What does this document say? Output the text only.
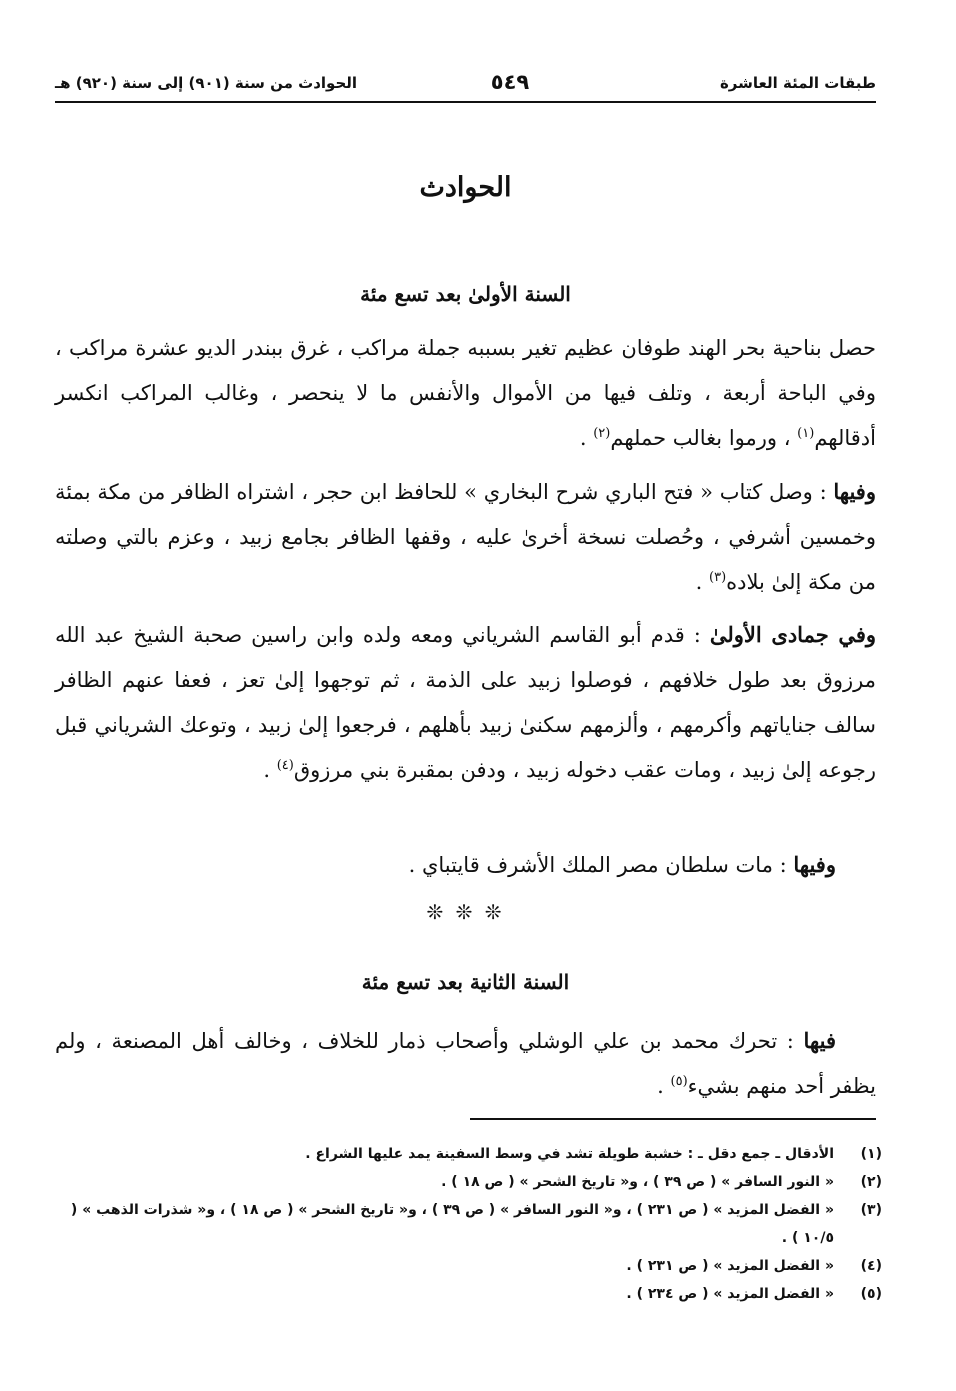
طبقات المئة العاشرة
٥٤٩
الحوادث من سنة (٩٠١) إلى سنة (٩٢٠) هـ
الحوادث
السنة الأولىٰ بعد تسع مئة

حصل بناحية بحر الهند طوفان عظيم تغير بسببه جملة مراكب ، غرق ببندر الديو عشرة مراكب ، وفي الباحة أربعة ، وتلف فيها من الأموال والأنفس ما لا ينحصر ، وغالب المراكب انكسر أدقالهم$^{(١)}$ ، ورموا بغالب حملهم$^{(٢)}$ .

وفيها : وصل كتاب « فتح الباري شرح البخاري » للحافظ ابن حجر ، اشتراه الظافر من مكة بمئة وخمسين أشرفي ، وحُصلت نسخة أخرىٰ عليه ، وقفها الظافر بجامع زبيد ، وعزم بالتي وصلته من مكة إلىٰ بلاده$^{(٣)}$ .

وفي جمادى الأولىٰ : قدم أبو القاسم الشرياني ومعه ولده وابن راسين صحبة الشيخ عبد الله مرزوق بعد طول خلافهم ، فوصلوا زبيد على الذمة ، ثم توجهوا إلىٰ تعز ، فعفا عنهم الظافر سالف جناياتهم وأكرمهم ، وألزمهم سكنىٰ زبيد بأهلهم ، فرجعوا إلىٰ زبيد ، وتوعك الشرياني قبل رجوعه إلىٰ زبيد ، ومات عقب دخوله زبيد ، ودفن بمقبرة بني مرزوق$^{(٤)}$ .

وفيها : مات سلطان مصر الملك الأشرف قايتباي .

❊ ❊ ❊
السنة الثانية بعد تسع مئة

فيها : تحرك محمد بن علي الوشلي وأصحاب ذمار للخلاف ، وخالف أهل المصنعة ، ولم يظفر أحد منهم بشيء$^{(٥)}$ .

(١)
الأدقال ـ جمع دقل ـ : خشبة طويلة تشد في وسط السفينة يمد عليها الشراع .
(٢)
« النور السافر » ( ص ٣٩ ) ، و« تاريخ الشحر » ( ص ١٨ ) .
(٣)
« الفضل المزيد » ( ص ٢٣١ ) ، و« النور السافر » ( ص ٣٩ ) ، و« تاريخ الشحر » ( ص ١٨ ) ، و« شذرات الذهب » ( ١٠/٥ ) .
(٤)
« الفضل المزيد » ( ص ٢٣١ ) .
(٥)
« الفضل المزيد » ( ص ٢٣٤ ) .
